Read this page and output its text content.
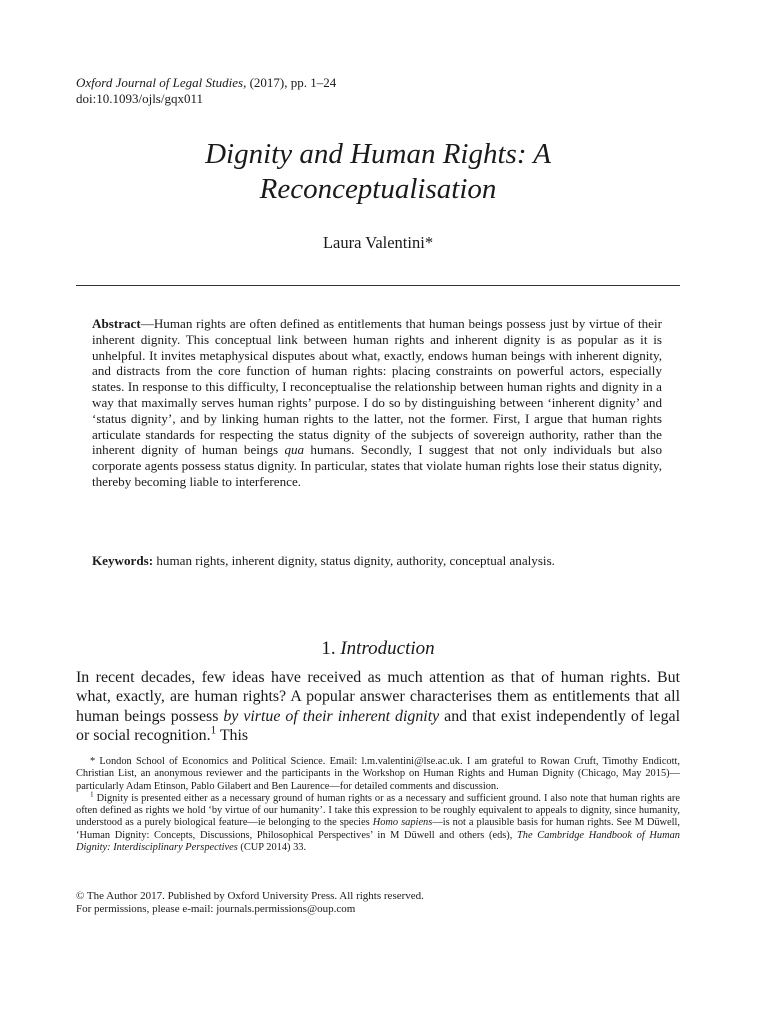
Oxford Journal of Legal Studies, (2017), pp. 1–24
doi:10.1093/ojls/gqx011
Dignity and Human Rights: A
Reconceptualisation
Laura Valentini*
Abstract—Human rights are often defined as entitlements that human beings possess just by virtue of their inherent dignity. This conceptual link between human rights and inherent dignity is as popular as it is unhelpful. It invites metaphysical disputes about what, exactly, endows human beings with inherent dignity, and distracts from the core function of human rights: placing constraints on powerful actors, especially states. In response to this difficulty, I reconceptualise the relationship between human rights and dignity in a way that maximally serves human rights’ purpose. I do so by distinguishing between ‘inherent dignity’ and ‘status dignity’, and by linking human rights to the latter, not the former. First, I argue that human rights articulate standards for respecting the status dignity of the subjects of sovereign authority, rather than the inherent dignity of human beings qua humans. Secondly, I suggest that not only individuals but also corporate agents possess status dignity. In particular, states that violate human rights lose their status dignity, thereby becoming liable to interference.
Keywords: human rights, inherent dignity, status dignity, authority, conceptual analysis.
1. Introduction
In recent decades, few ideas have received as much attention as that of human rights. But what, exactly, are human rights? A popular answer characterises them as entitlements that all human beings possess by virtue of their inherent dignity and that exist independently of legal or social recognition.$^1$ This

* London School of Economics and Political Science. Email: l.m.valentini@lse.ac.uk. I am grateful to Rowan Cruft, Timothy Endicott, Christian List, an anonymous reviewer and the participants in the Workshop on Human Rights and Human Dignity (Chicago, May 2015)—particularly Adam Etinson, Pablo Gilabert and Ben Laurence—for detailed comments and discussion.

$^1$ Dignity is presented either as a necessary ground of human rights or as a necessary and sufficient ground. I also note that human rights are often defined as rights we hold ‘by virtue of our humanity’. I take this expression to be roughly equivalent to appeals to dignity, since humanity, understood as a purely biological feature—ie belonging to the species Homo sapiens—is not a plausible basis for human rights. See M Düwell, ‘Human Dignity: Concepts, Discussions, Philosophical Perspectives’ in M Düwell and others (eds), The Cambridge Handbook of Human Dignity: Interdisciplinary Perspectives (CUP 2014) 33.

© The Author 2017. Published by Oxford University Press. All rights reserved.
For permissions, please e-mail: journals.permissions@oup.com
